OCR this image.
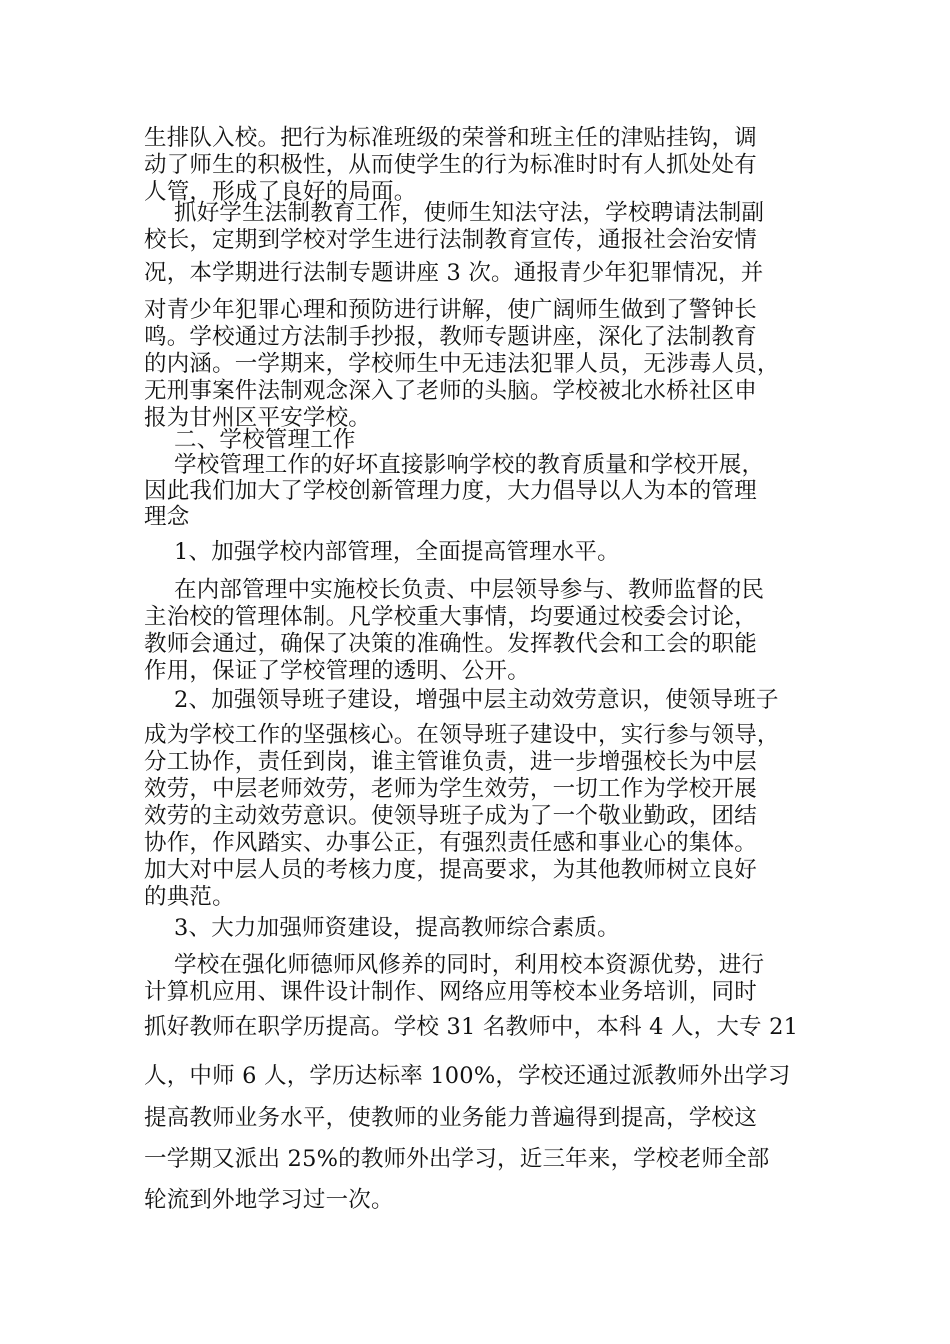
生排队入校。把行为标准班级的荣誉和班主任的津贴挂钩，调
动了师生的积极性，从而使学生的行为标准时时有人抓处处有
人管，形成了良好的局面。
抓好学生法制教育工作，使师生知法守法，学校聘请法制副
校长，定期到学校对学生进行法制教育宣传，通报社会治安情
况，本学期进行法制专题讲座 3 次。通报青少年犯罪情况，并
对青少年犯罪心理和预防进行讲解，使广阔师生做到了警钟长
鸣。学校通过方法制手抄报，教师专题讲座，深化了法制教育
的内涵。一学期来，学校师生中无违法犯罪人员，无涉毒人员，
无刑事案件法制观念深入了老师的头脑。学校被北水桥社区申
报为甘州区平安学校。
二、学校管理工作
学校管理工作的好坏直接影响学校的教育质量和学校开展，
因此我们加大了学校创新管理力度，大力倡导以人为本的管理
理念
1、加强学校内部管理，全面提高管理水平。
在内部管理中实施校长负责、中层领导参与、教师监督的民
主治校的管理体制。凡学校重大事情，均要通过校委会讨论，
教师会通过，确保了决策的准确性。发挥教代会和工会的职能
作用，保证了学校管理的透明、公开。
2、加强领导班子建设，增强中层主动效劳意识，使领导班子
成为学校工作的坚强核心。在领导班子建设中，实行参与领导，
分工协作，责任到岗，谁主管谁负责，进一步增强校长为中层
效劳，中层老师效劳，老师为学生效劳，一切工作为学校开展
效劳的主动效劳意识。使领导班子成为了一个敬业勤政，团结
协作，作风踏实、办事公正，有强烈责任感和事业心的集体。
加大对中层人员的考核力度，提高要求，为其他教师树立良好
的典范。
3、大力加强师资建设，提高教师综合素质。
学校在强化师德师风修养的同时，利用校本资源优势，进行
计算机应用、课件设计制作、网络应用等校本业务培训，同时
抓好教师在职学历提高。学校 31 名教师中，本科 4 人，大专 21
人，中师 6 人，学历达标率 100%，学校还通过派教师外出学习
提高教师业务水平，使教师的业务能力普遍得到提高，学校这
一学期又派出 25%的教师外出学习，近三年来，学校老师全部
轮流到外地学习过一次。
